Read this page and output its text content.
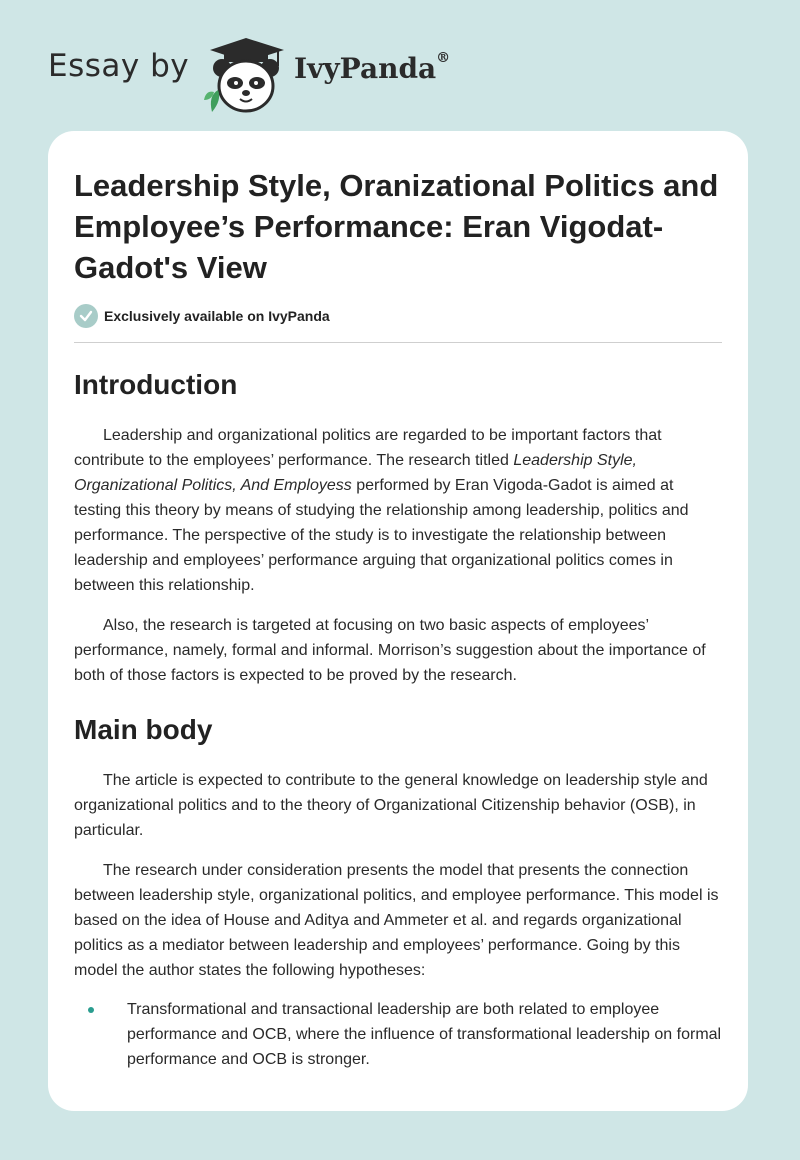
Essay by	IvyPanda®
Leadership Style, Oranizational Politics and Employee’s Performance: Eran Vigodat-Gadot's View
Exclusively available on IvyPanda
Introduction

Leadership and organizational politics are regarded to be important factors that contribute to the employees’ performance. The research titled Leadership Style, Organizational Politics, And Employess performed by Eran Vigoda-Gadot is aimed at testing this theory by means of studying the relationship among leadership, politics and performance. The perspective of the study is to investigate the relationship between leadership and employees’ performance arguing that organizational politics comes in between this relationship.

Also, the research is targeted at focusing on two basic aspects of employees’ performance, namely, formal and informal. Morrison’s suggestion about the importance of both of those factors is expected to be proved by the research.

Main body

The article is expected to contribute to the general knowledge on leadership style and organizational politics and to the theory of Organizational Citizenship behavior (OSB), in particular.

The research under consideration presents the model that presents the connection between leadership style, organizational politics, and employee performance. This model is based on the idea of House and Aditya and Ammeter et al. and regards organizational politics as a mediator between leadership and employees’ performance. Going by this model the author states the following hypotheses:

Transformational and transactional leadership are both related to employee performance and OCB, where the influence of transformational leadership on formal performance and OCB is stronger.
